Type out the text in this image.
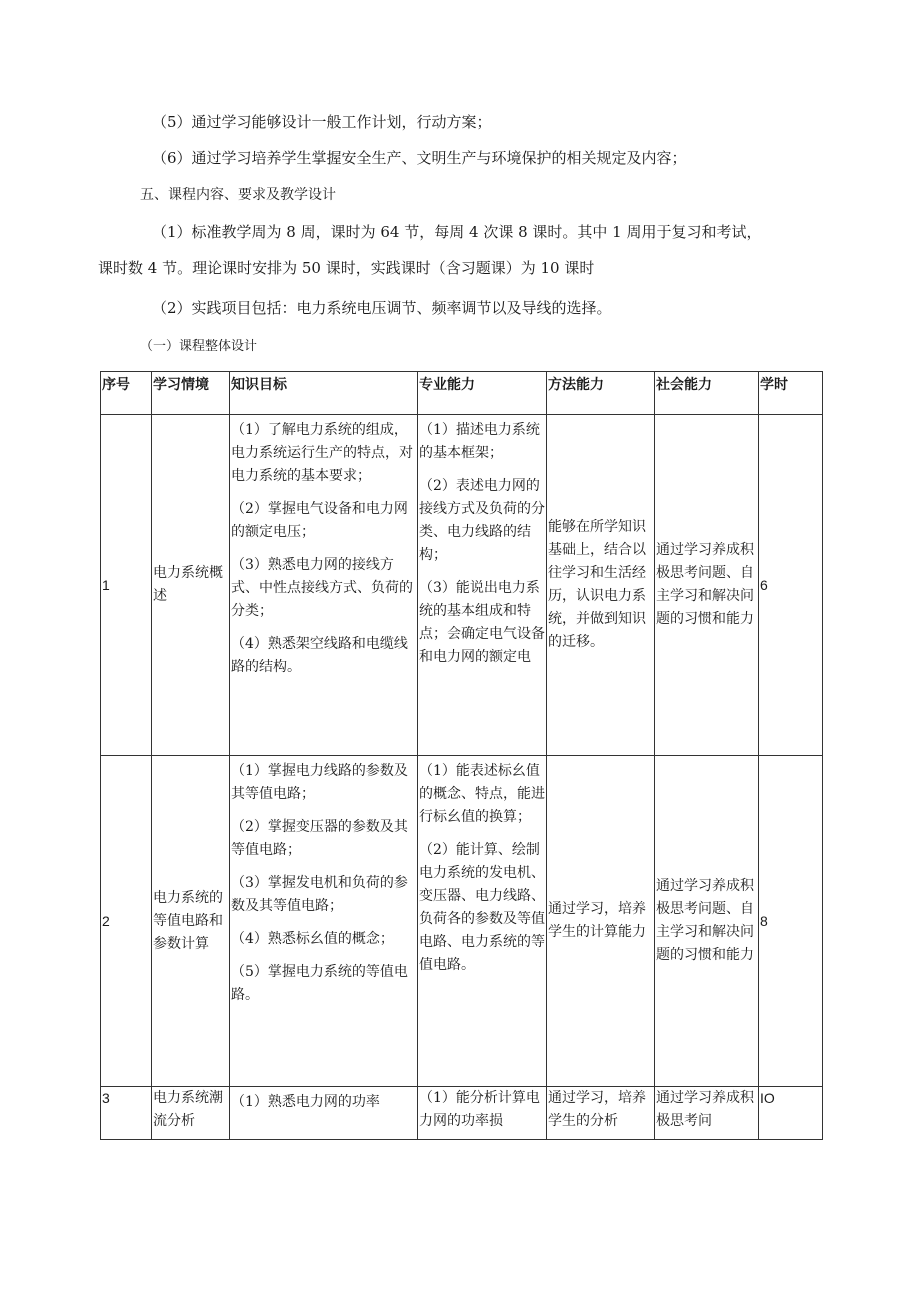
（5）通过学习能够设计一般工作计划，行动方案；
（6）通过学习培养学生掌握安全生产、文明生产与环境保护的相关规定及内容；
五、课程内容、要求及教学设计
（1）标准教学周为 8 周，课时为 64 节，每周 4 次课 8 课时。其中 1 周用于复习和考试，
课时数 4 节。理论课时安排为 50 课时，实践课时（含习题课）为 10 课时
（2）实践项目包括：电力系统电压调节、频率调节以及导线的选择。
（一）课程整体设计
序号	学习情境	知识目标	专业能力	方法能力	社会能力	学时
1	电力系统概述	（1）了解电力系统的组成，电力系统运行生产的特点，对电力系统的基本要求；
（2）掌握电气设备和电力网的额定电压；
（3）熟悉电力网的接线方式、中性点接线方式、负荷的分类；
（4）熟悉架空线路和电缆线路的结构。	（1）描述电力系统的基本框架；
（2）表述电力网的接线方式及负荷的分类、电力线路的结构；
（3）能说出电力系统的基本组成和特点；会确定电气设备和电力网的额定电	能够在所学知识基础上，结合以往学习和生活经历，认识电力系统，并做到知识的迁移。	通过学习养成积极思考问题、自主学习和解决问题的习惯和能力	6
2	电力系统的等值电路和参数计算	（1）掌握电力线路的参数及其等值电路；
（2）掌握变压器的参数及其等值电路；
（3）掌握发电机和负荷的参数及其等值电路；
（4）熟悉标幺值的概念；
（5）掌握电力系统的等值电路。	（1）能表述标幺值的概念、特点，能进行标幺值的换算；
（2）能计算、绘制电力系统的发电机、变压器、电力线路、负荷各的参数及等值电路、电力系统的等值电路。	通过学习，培养学生的计算能力	通过学习养成积极思考问题、自主学习和解决问题的习惯和能力	8
3	电力系统潮流分析	（1）熟悉电力网的功率	（1）能分析计算电力网的功率损	通过学习，培养学生的分析	通过学习养成积极思考问	IO
